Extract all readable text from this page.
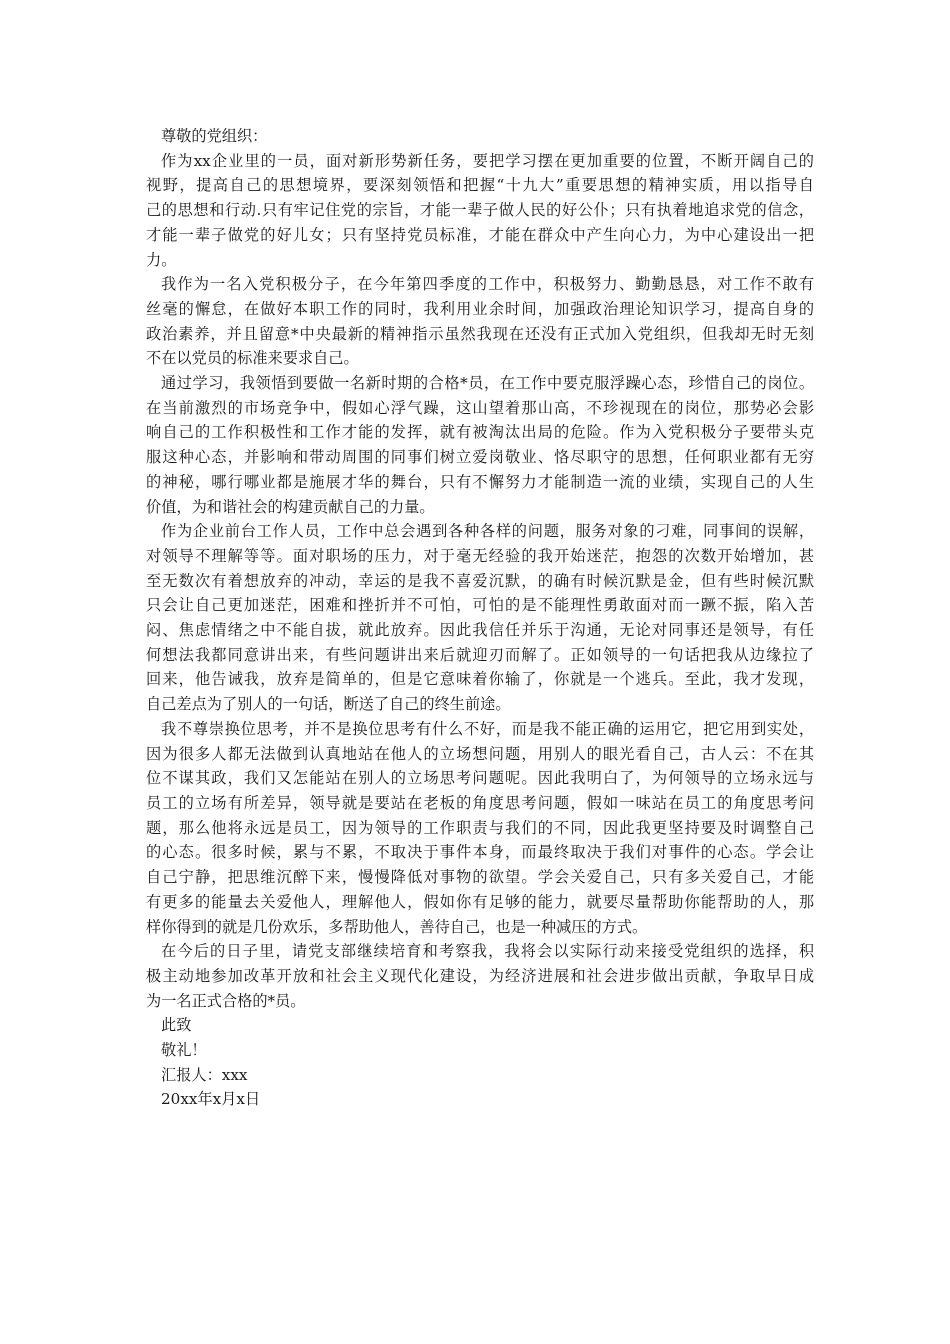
尊敬的党组织：
作为xx企业里的一员，面对新形势新任务，要把学习摆在更加重要的位置，不断开阔自己的
视野，提高自己的思想境界，要深刻领悟和把握“十九大”重要思想的精神实质，用以指导自
己的思想和行动.只有牢记住党的宗旨，才能一辈子做人民的好公仆；只有执着地追求党的信念，
才能一辈子做党的好儿女；只有坚持党员标准，才能在群众中产生向心力，为中心建设出一把
力。
我作为一名入党积极分子，在今年第四季度的工作中，积极努力、勤勤恳恳，对工作不敢有
丝毫的懈怠，在做好本职工作的同时，我利用业余时间，加强政治理论知识学习，提高自身的
政治素养，并且留意*中央最新的精神指示虽然我现在还没有正式加入党组织，但我却无时无刻
不在以党员的标准来要求自己。
通过学习，我领悟到要做一名新时期的合格*员，在工作中要克服浮躁心态，珍惜自己的岗位。
在当前激烈的市场竞争中，假如心浮气躁，这山望着那山高，不珍视现在的岗位，那势必会影
响自己的工作积极性和工作才能的发挥，就有被淘汰出局的危险。作为入党积极分子要带头克
服这种心态，并影响和带动周围的同事们树立爱岗敬业、恪尽职守的思想，任何职业都有无穷
的神秘，哪行哪业都是施展才华的舞台，只有不懈努力才能制造一流的业绩，实现自己的人生
价值，为和谐社会的构建贡献自己的力量。
作为企业前台工作人员，工作中总会遇到各种各样的问题，服务对象的刁难，同事间的误解，
对领导不理解等等。面对职场的压力，对于毫无经验的我开始迷茫，抱怨的次数开始增加，甚
至无数次有着想放弃的冲动，幸运的是我不喜爱沉默，的确有时候沉默是金，但有些时候沉默
只会让自己更加迷茫，困难和挫折并不可怕，可怕的是不能理性勇敢面对而一蹶不振，陷入苦
闷、焦虑情绪之中不能自拔，就此放弃。因此我信任并乐于沟通，无论对同事还是领导，有任
何想法我都同意讲出来，有些问题讲出来后就迎刃而解了。正如领导的一句话把我从边缘拉了
回来，他告诫我，放弃是简单的，但是它意味着你输了，你就是一个逃兵。至此，我才发现，
自己差点为了别人的一句话，断送了自己的终生前途。
我不尊崇换位思考，并不是换位思考有什么不好，而是我不能正确的运用它，把它用到实处，
因为很多人都无法做到认真地站在他人的立场想问题，用别人的眼光看自己，古人云：不在其
位不谋其政，我们又怎能站在别人的立场思考问题呢。因此我明白了，为何领导的立场永远与
员工的立场有所差异，领导就是要站在老板的角度思考问题，假如一味站在员工的角度思考问
题，那么他将永远是员工，因为领导的工作职责与我们的不同，因此我更坚持要及时调整自己
的心态。很多时候，累与不累，不取决于事件本身，而最终取决于我们对事件的心态。学会让
自己宁静，把思维沉醉下来，慢慢降低对事物的欲望。学会关爱自己，只有多关爱自己，才能
有更多的能量去关爱他人，理解他人，假如你有足够的能力，就要尽量帮助你能帮助的人，那
样你得到的就是几份欢乐，多帮助他人，善待自己，也是一种减压的方式。
在今后的日子里，请党支部继续培育和考察我，我将会以实际行动来接受党组织的选择，积
极主动地参加改革开放和社会主义现代化建设，为经济进展和社会进步做出贡献，争取早日成
为一名正式合格的*员。
此致
敬礼！
汇报人：xxx
20xx年x月x日
